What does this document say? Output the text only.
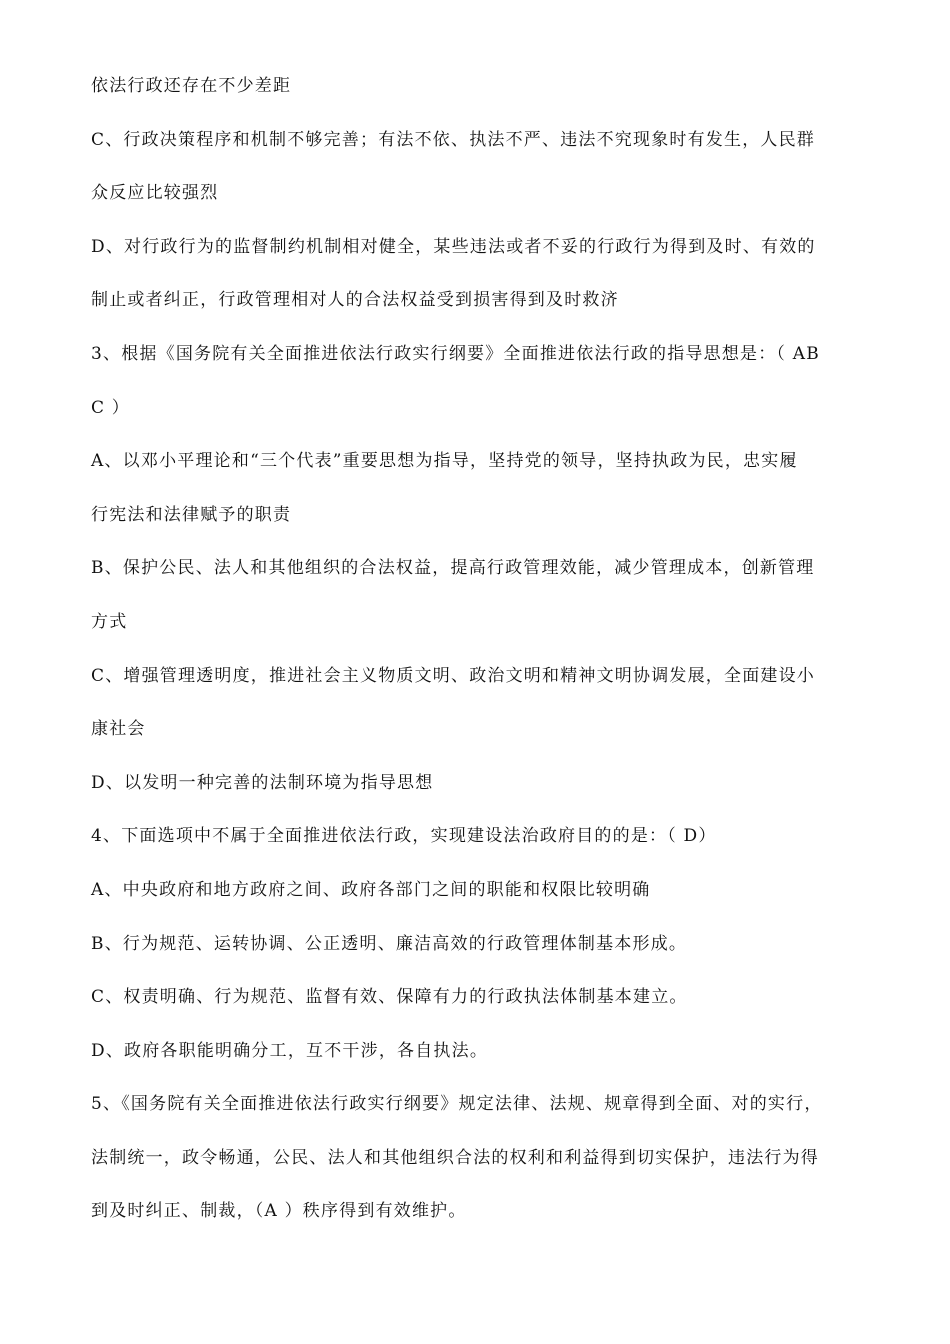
依法行政还存在不少差距
C、行政决策程序和机制不够完善；有法不依、执法不严、违法不究现象时有发生，人民群
众反应比较强烈
D、对行政行为的监督制约机制相对健全，某些违法或者不妥的行政行为得到及时、有效的
制止或者纠正，行政管理相对人的合法权益受到损害得到及时救济
3、根据《国务院有关全面推进依法行政实行纲要》全面推进依法行政的指导思想是：（ AB
C ）
A、以邓小平理论和“三个代表”重要思想为指导，坚持党的领导，坚持执政为民，忠实履
行宪法和法律赋予的职责
B、保护公民、法人和其他组织的合法权益，提高行政管理效能，减少管理成本，创新管理
方式
C、增强管理透明度，推进社会主义物质文明、政治文明和精神文明协调发展，全面建设小
康社会
D、以发明一种完善的法制环境为指导思想
4、下面选项中不属于全面推进依法行政，实现建设法治政府目的的是：（ D）
A、中央政府和地方政府之间、政府各部门之间的职能和权限比较明确
B、行为规范、运转协调、公正透明、廉洁高效的行政管理体制基本形成。
C、权责明确、行为规范、监督有效、保障有力的行政执法体制基本建立。
D、政府各职能明确分工，互不干涉，各自执法。
5、《国务院有关全面推进依法行政实行纲要》规定法律、法规、规章得到全面、对的实行，
法制统一，政令畅通，公民、法人和其他组织合法的权利和利益得到切实保护，违法行为得
到及时纠正、制裁，（A ）秩序得到有效维护。
